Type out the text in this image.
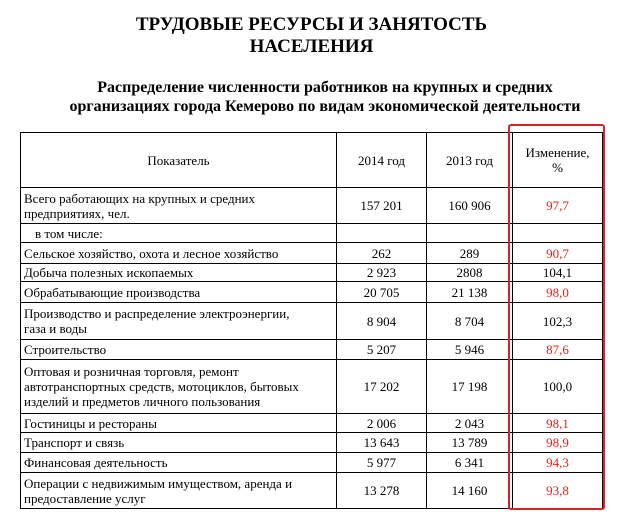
ТРУДОВЫЕ РЕСУРСЫ И ЗАНЯТОСТЬ
НАСЕЛЕНИЯ
Распределение численности работников на крупных и средних
организациях города Кемерово по видам экономической деятельности
Показатель	2014 год	2013 год	Изменение,
%

Всего работающих на крупных и средних
предприятиях, чел.	157 201	160 906	97,7
в том числе:			
Сельское хозяйство, охота и лесное хозяйство	262	289	90,7
Добыча полезных ископаемых	2 923	2808	104,1
Обрабатывающие производства	20 705	21 138	98,0

Производство и распределение электроэнергии,
газа и воды	8 904	8 704	102,3
Строительство	5 207	5 946	87,6

Оптовая и розничная торговля, ремонт
автотранспортных средств, мотоциклов, бытовых
изделий и предметов личного пользования	17 202	17 198	100,0
Гостиницы и рестораны	2 006	2 043	98,1
Транспорт и связь	13 643	13 789	98,9
Финансовая деятельность	5 977	6 341	94,3

Операции с недвижимым имуществом, аренда и
предоставление услуг	13 278	14 160	93,8
